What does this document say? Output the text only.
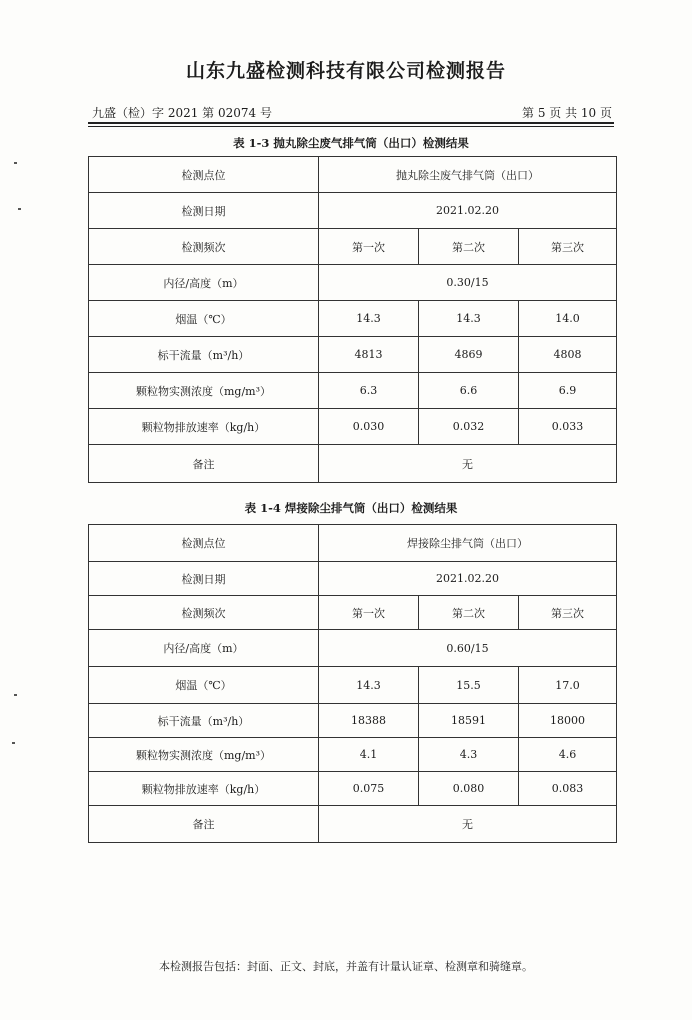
山东九盛检测科技有限公司检测报告
九盛（检）字 2021 第 02074 号	第 5 页 共 10 页
表 1-3 抛丸除尘废气排气筒（出口）检测结果
检测点位	抛丸除尘废气排气筒（出口）		
检测日期	2021.02.20		
检测频次	第一次	第二次	第三次
内径/高度（m）	0.30/15		
烟温（℃）	14.3	14.3	14.0
标干流量（m³/h）	4813	4869	4808
颗粒物实测浓度（mg/m³）	6.3	6.6	6.9
颗粒物排放速率（kg/h）	0.030	0.032	0.033
备注	无		
表 1-4 焊接除尘排气筒（出口）检测结果
检测点位	焊接除尘排气筒（出口）		
检测日期	2021.02.20		
检测频次	第一次	第二次	第三次
内径/高度（m）	0.60/15		
烟温（℃）	14.3	15.5	17.0
标干流量（m³/h）	18388	18591	18000
颗粒物实测浓度（mg/m³）	4.1	4.3	4.6
颗粒物排放速率（kg/h）	0.075	0.080	0.083
备注	无		
本检测报告包括：封面、正文、封底，并盖有计量认证章、检测章和骑缝章。
